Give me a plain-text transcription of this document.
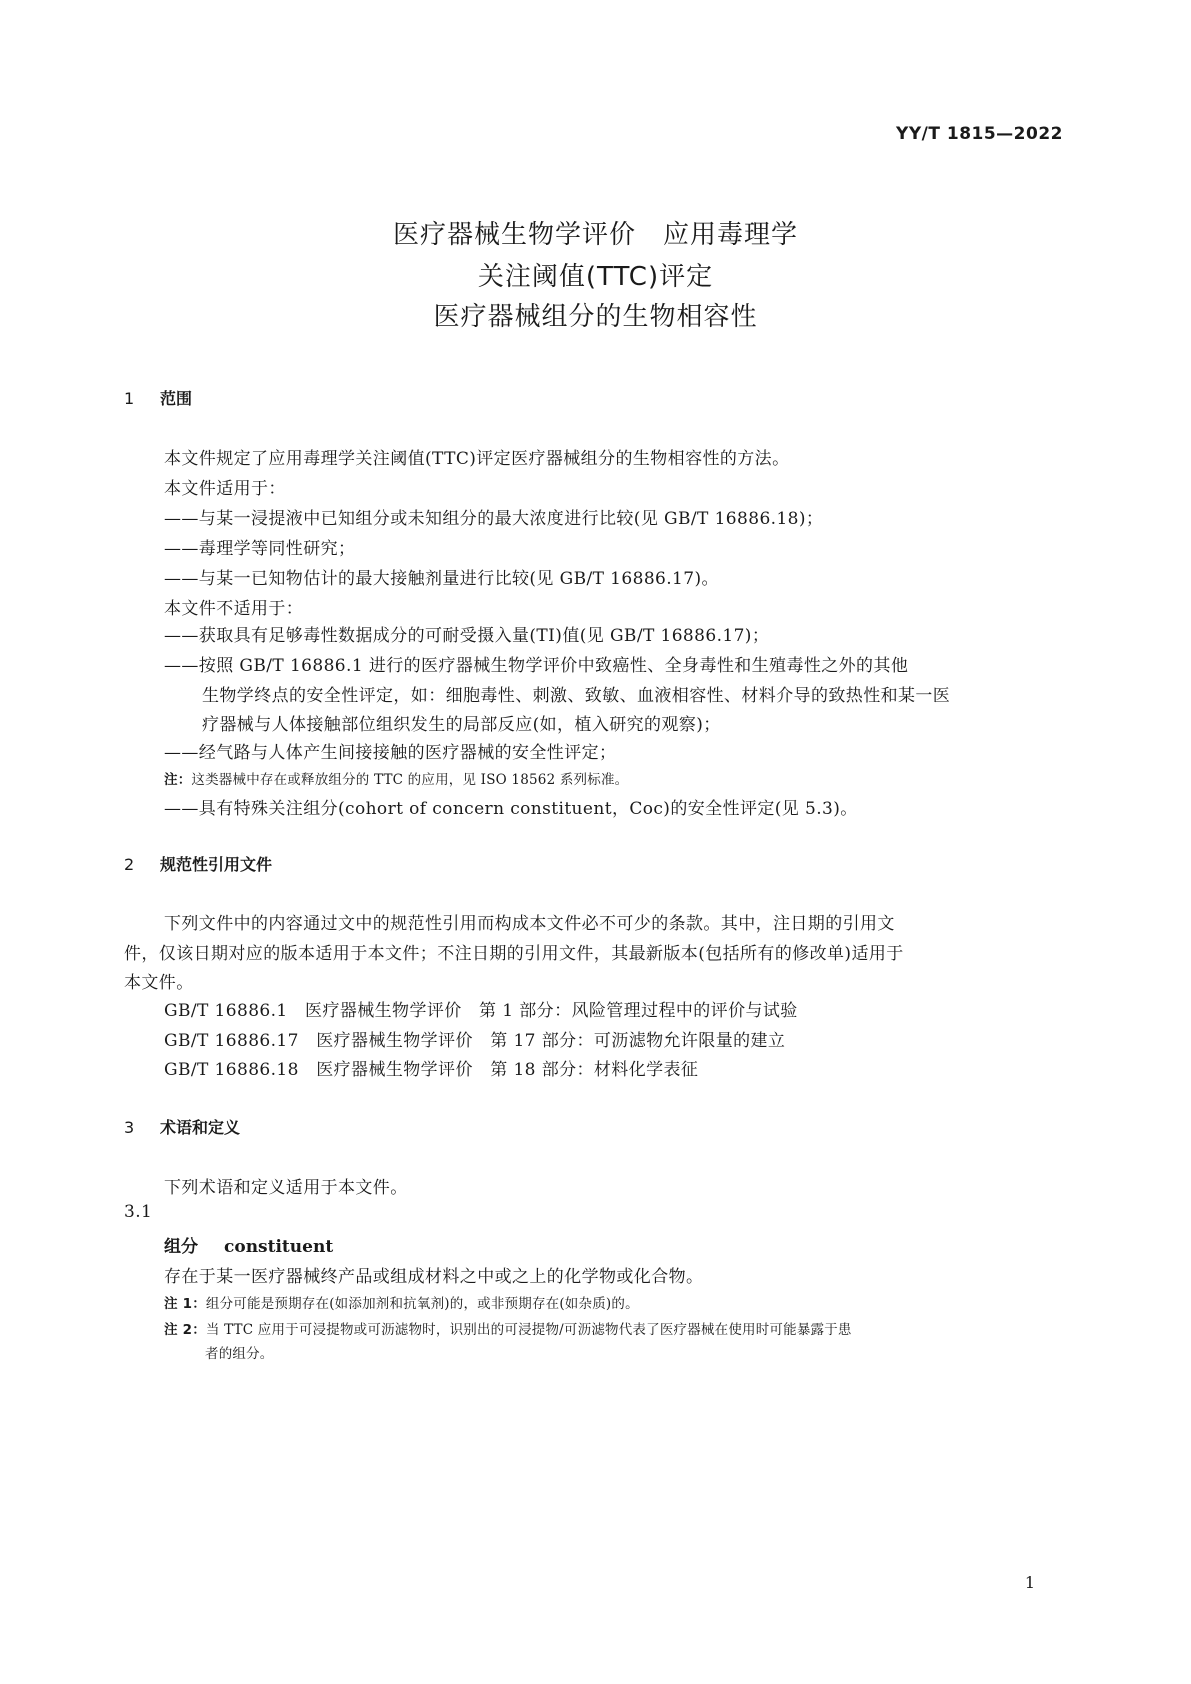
YY/T 1815—2022
医疗器械生物学评价　应用毒理学
关注阈值(TTC)评定
医疗器械组分的生物相容性
1 范围
本文件规定了应用毒理学关注阈值(TTC)评定医疗器械组分的生物相容性的方法。
本文件适用于：
——与某一浸提液中已知组分或未知组分的最大浓度进行比较(见 GB/T 16886.18)；
——毒理学等同性研究；
——与某一已知物估计的最大接触剂量进行比较(见 GB/T 16886.17)。
本文件不适用于：
——获取具有足够毒性数据成分的可耐受摄入量(TI)值(见 GB/T 16886.17)；
——按照 GB/T 16886.1 进行的医疗器械生物学评价中致癌性、全身毒性和生殖毒性之外的其他
生物学终点的安全性评定，如：细胞毒性、刺激、致敏、血液相容性、材料介导的致热性和某一医
疗器械与人体接触部位组织发生的局部反应(如，植入研究的观察)；
——经气路与人体产生间接接触的医疗器械的安全性评定；
注：这类器械中存在或释放组分的 TTC 的应用，见 ISO 18562 系列标准。
——具有特殊关注组分(cohort of concern constituent，Coc)的安全性评定(见 5.3)。
2 规范性引用文件
下列文件中的内容通过文中的规范性引用而构成本文件必不可少的条款。其中，注日期的引用文
件，仅该日期对应的版本适用于本文件；不注日期的引用文件，其最新版本(包括所有的修改单)适用于
本文件。
GB/T 16886.1　医疗器械生物学评价　第 1 部分：风险管理过程中的评价与试验
GB/T 16886.17　医疗器械生物学评价　第 17 部分：可沥滤物允许限量的建立
GB/T 16886.18　医疗器械生物学评价　第 18 部分：材料化学表征
3 术语和定义
下列术语和定义适用于本文件。
3.1
组分 constituent
存在于某一医疗器械终产品或组成材料之中或之上的化学物或化合物。
注 1：组分可能是预期存在(如添加剂和抗氧剂)的，或非预期存在(如杂质)的。
注 2：当 TTC 应用于可浸提物或可沥滤物时，识别出的可浸提物/可沥滤物代表了医疗器械在使用时可能暴露于患
者的组分。
1
